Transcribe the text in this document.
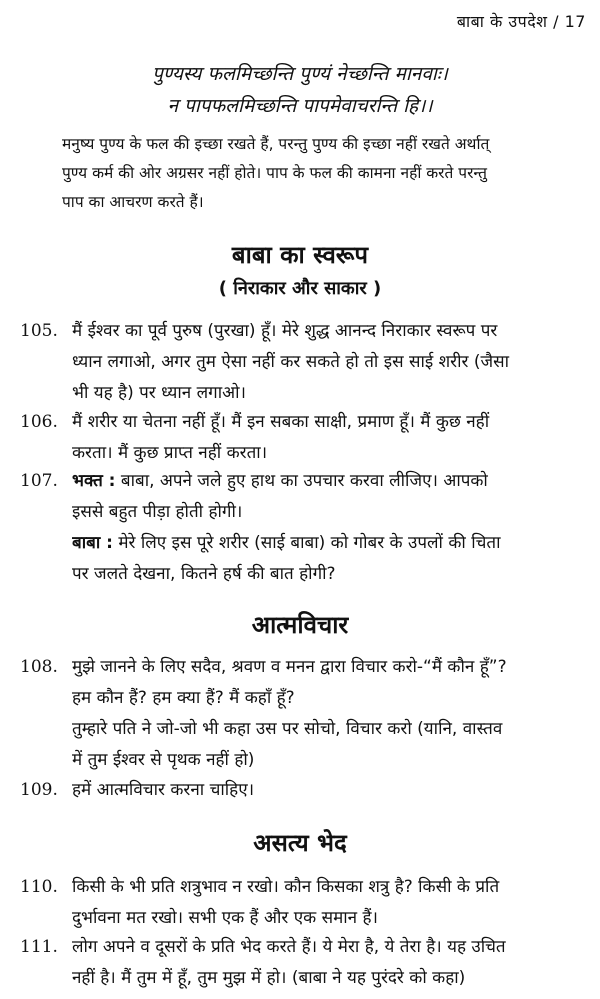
बाबा के उपदेश / 17
पुण्यस्य फलमिच्छन्ति पुण्यं नेच्छन्ति मानवाः।
न पापफलमिच्छन्ति पापमेवाचरन्ति हि।।
मनुष्य पुण्य के फल की इच्छा रखते हैं, परन्तु पुण्य की इच्छा नहीं रखते अर्थात्
पुण्य कर्म की ओर अग्रसर नहीं होते। पाप के फल की कामना नहीं करते परन्तु
पाप का आचरण करते हैं।
बाबा का स्वरूप
( निराकार और साकार )
105. मैं ईश्वर का पूर्व पुरुष (पुरखा) हूँ। मेरे शुद्ध आनन्द निराकार स्वरूप पर
ध्यान लगाओ, अगर तुम ऐसा नहीं कर सकते हो तो इस साई शरीर (जैसा
भी यह है) पर ध्यान लगाओ।
106. मैं शरीर या चेतना नहीं हूँ। मैं इन सबका साक्षी, प्रमाण हूँ। मैं कुछ नहीं
करता। मैं कुछ प्राप्त नहीं करता।
107. भक्त : बाबा, अपने जले हुए हाथ का उपचार करवा लीजिए। आपको
इससे बहुत पीड़ा होती होगी।
बाबा : मेरे लिए इस पूरे शरीर (साई बाबा) को गोबर के उपलों की चिता
पर जलते देखना, कितने हर्ष की बात होगी?
आत्मविचार
108. मुझे जानने के लिए सदैव, श्रवण व मनन द्वारा विचार करो-“मैं कौन हूँ”?
हम कौन हैं? हम क्या हैं? मैं कहाँ हूँ?
तुम्हारे पति ने जो-जो भी कहा उस पर सोचो, विचार करो (यानि, वास्तव
में तुम ईश्वर से पृथक नहीं हो)
109. हमें आत्मविचार करना चाहिए।
असत्य भेद
110. किसी के भी प्रति शत्रुभाव न रखो। कौन किसका शत्रु है? किसी के प्रति
दुर्भावना मत रखो। सभी एक हैं और एक समान हैं।
111. लोग अपने व दूसरों के प्रति भेद करते हैं। ये मेरा है, ये तेरा है। यह उचित
नहीं है। मैं तुम में हूँ, तुम मुझ में हो। (बाबा ने यह पुरंदरे को कहा)
